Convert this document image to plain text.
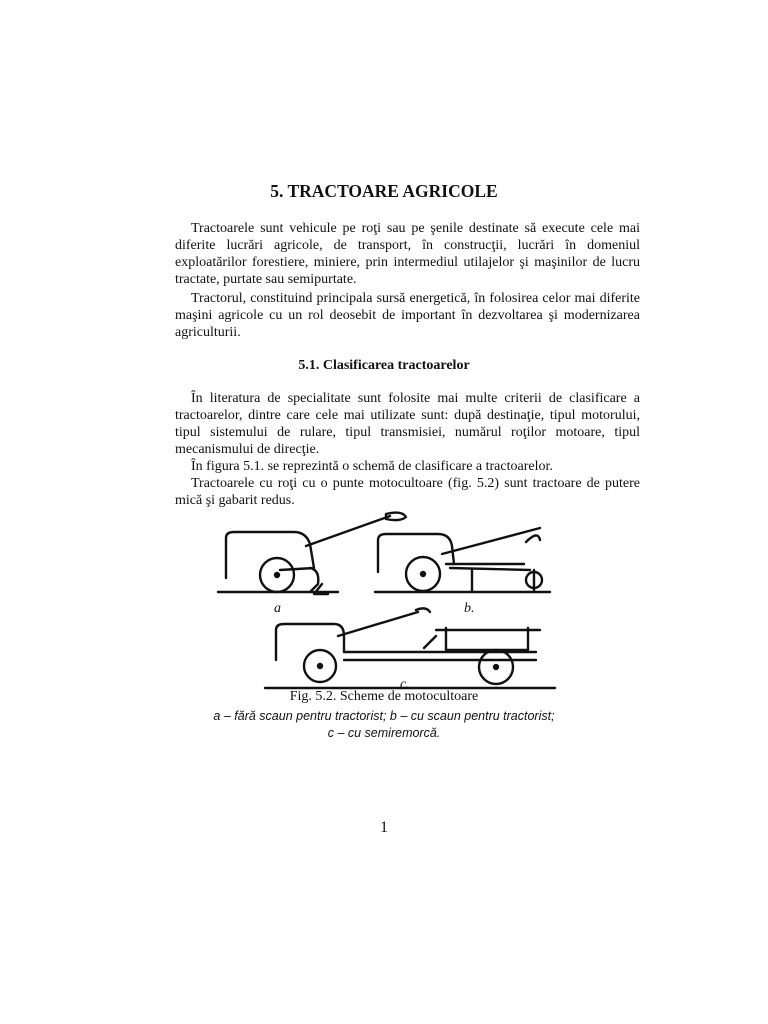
5. TRACTOARE AGRICOLE
Tractoarele sunt vehicule pe roţi sau pe şenile destinate să execute cele mai diferite lucrări agricole, de transport, în construcţii, lucrări în domeniul exploatărilor forestiere, miniere, prin intermediul utilajelor şi maşinilor de lucru tractate, purtate sau semipurtate.
Tractorul, constituind principala sursă energetică, în folosirea celor mai diferite maşini agricole cu un rol deosebit de important în dezvoltarea şi modernizarea agriculturii.
5.1. Clasificarea tractoarelor
În literatura de specialitate sunt folosite mai multe criterii de clasificare a tractoarelor, dintre care cele mai utilizate sunt: după destinaţie, tipul motorului, tipul sistemului de rulare, tipul transmisiei, numărul roţilor motoare, tipul mecanismului de direcţie.
În figura 5.1. se reprezintă o schemă de clasificare a tractoarelor.
Tractoarele cu roţi cu o punte motocultoare (fig. 5.2) sunt tractoare de putere mică şi gabarit redus.
a	b.
c.
Fig. 5.2. Scheme de motocultoare
a – fără scaun pentru tractorist; b – cu scaun pentru tractorist;
c – cu semiremorcă.
1
